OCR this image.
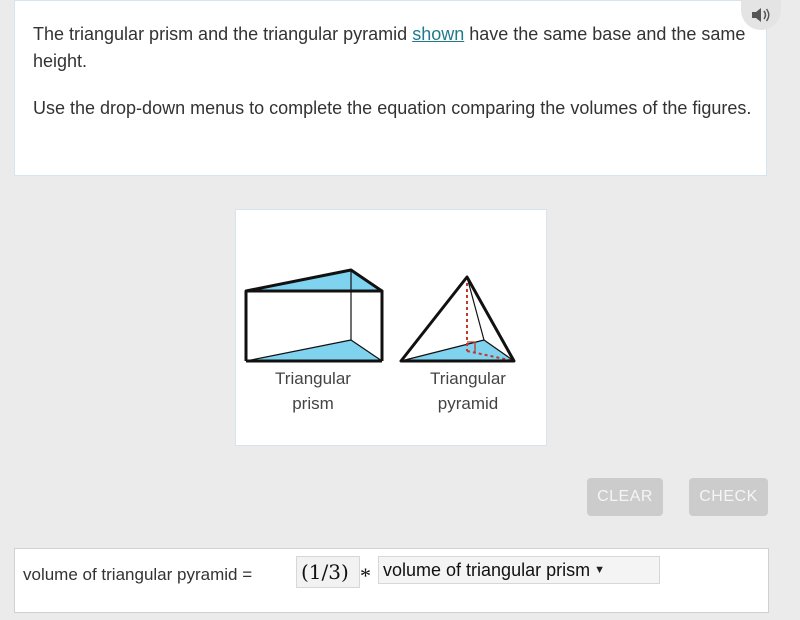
The triangular prism and the triangular pyramid shown have the same base and the same height.

Use the drop-down menus to complete the equation comparing the volumes of the figures.

Triangular
prism
Triangular
pyramid
CLEAR	CHECK
volume of triangular pyramid = (1/3) * volume of triangular prism ▼
